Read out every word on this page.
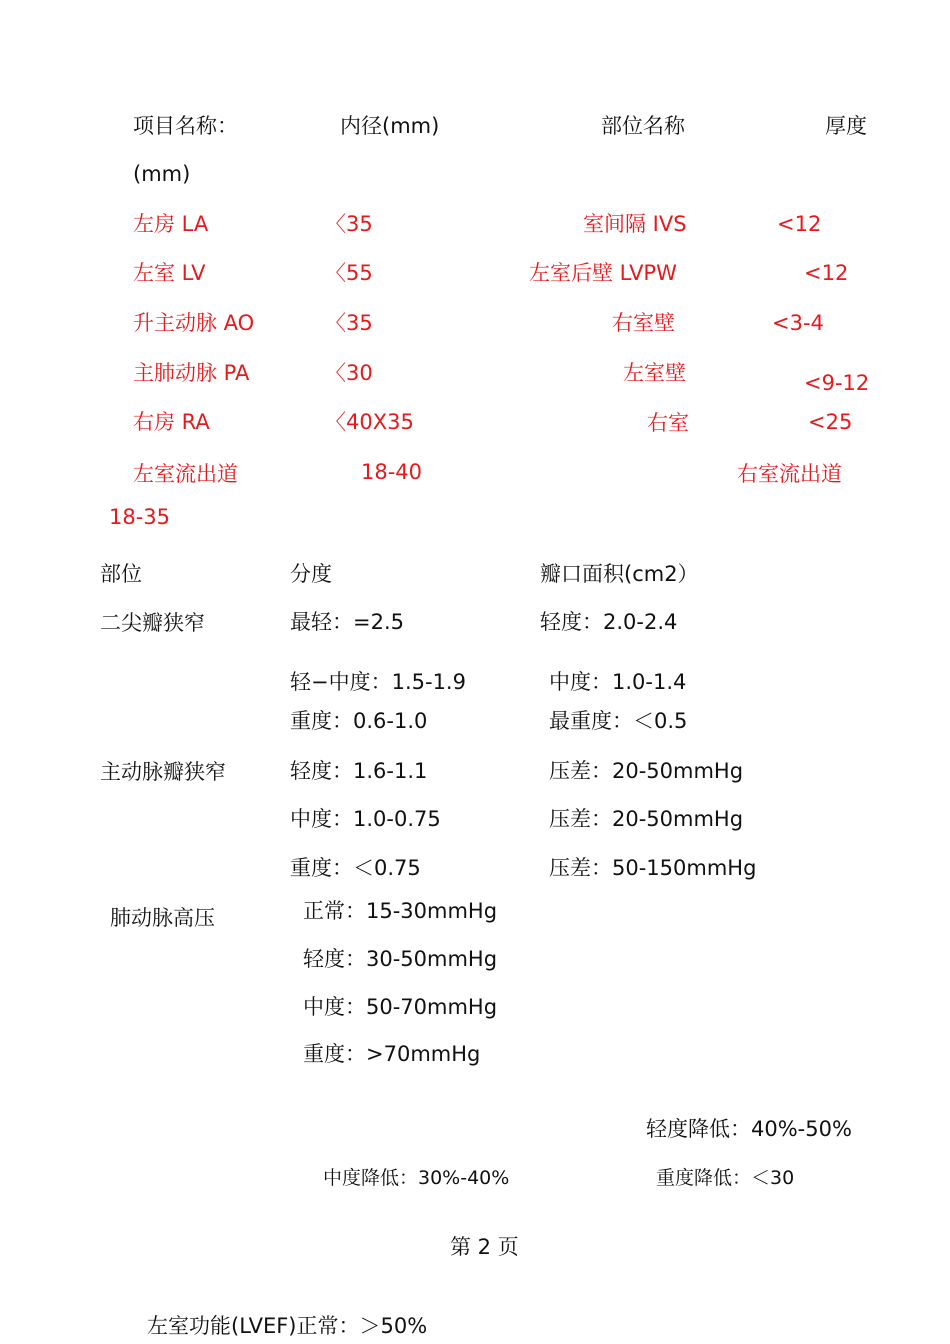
项目名称：	内径(mm)	部位名称	厚度
(mm)
左房 LA	〈35	室间隔 IVS	<12
左室 LV	〈55	左室后壁 LVPW	<12
升主动脉 AO	〈35	右室壁	<3-4
主肺动脉 PA	〈30	左室壁	<9-12
右房 RA	〈40X35	右室	<25
左室流出道	18-40	右室流出道
18-35
部位	分度	瓣口面积(cm2）
二尖瓣狭窄	最轻：=2.5	轻度：2.0-2.4
轻−中度：1.5-1.9	中度：1.0-1.4
重度：0.6-1.0	最重度：＜0.5
主动脉瓣狭窄	轻度：1.6-1.1	压差：20-50mmHg
中度：1.0-0.75	压差：20-50mmHg
重度：＜0.75	压差：50-150mmHg
肺动脉高压	正常：15-30mmHg
轻度：30-50mmHg
中度：50-70mmHg
重度：>70mmHg
轻度降低：40%-50%
中度降低：30%-40%	重度降低：＜30
第 2 页
左室功能(LVEF)正常：＞50%
